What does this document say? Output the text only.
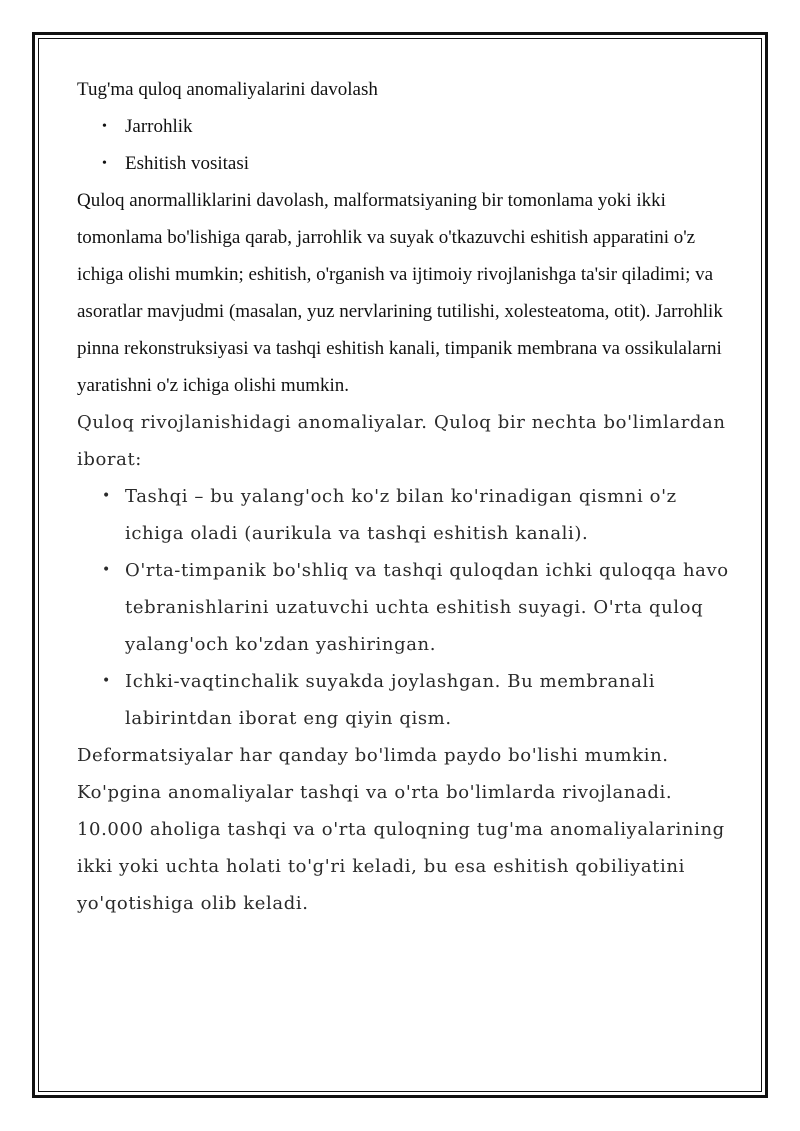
Tug'ma quloq anomaliyalarini davolash

• Jarrohlik
• Eshitish vositasi

Quloq anormalliklarini davolash, malformatsiyaning bir tomonlama yoki ikki tomonlama bo'lishiga qarab, jarrohlik va suyak o'tkazuvchi eshitish apparatini o'z ichiga olishi mumkin; eshitish, o'rganish va ijtimoiy rivojlanishga ta'sir qiladimi; va asoratlar mavjudmi (masalan, yuz nervlarining tutilishi, xolesteatoma, otit). Jarrohlik pinna rekonstruksiyasi va tashqi eshitish kanali, timpanik membrana va ossikulalarni yaratishni o'z ichiga olishi mumkin.

Quloq rivojlanishidagi anomaliyalar. Quloq bir nechta bo'limlardan iborat:

• Tashqi – bu yalang'och ko'z bilan ko'rinadigan qismni o'z ichiga oladi (aurikula va tashqi eshitish kanali).
• O'rta-timpanik bo'shliq va tashqi quloqdan ichki quloqqa havo tebranishlarini uzatuvchi uchta eshitish suyagi. O'rta quloq yalang'och ko'zdan yashiringan.
• Ichki-vaqtinchalik suyakda joylashgan. Bu membranali labirintdan iborat eng qiyin qism.

Deformatsiyalar har qanday bo'limda paydo bo'lishi mumkin. Ko'pgina anomaliyalar tashqi va o'rta bo'limlarda rivojlanadi. 10.000 aholiga tashqi va o'rta quloqning tug'ma anomaliyalarining ikki yoki uchta holati to'g'ri keladi, bu esa eshitish qobiliyatini yo'qotishiga olib keladi.
